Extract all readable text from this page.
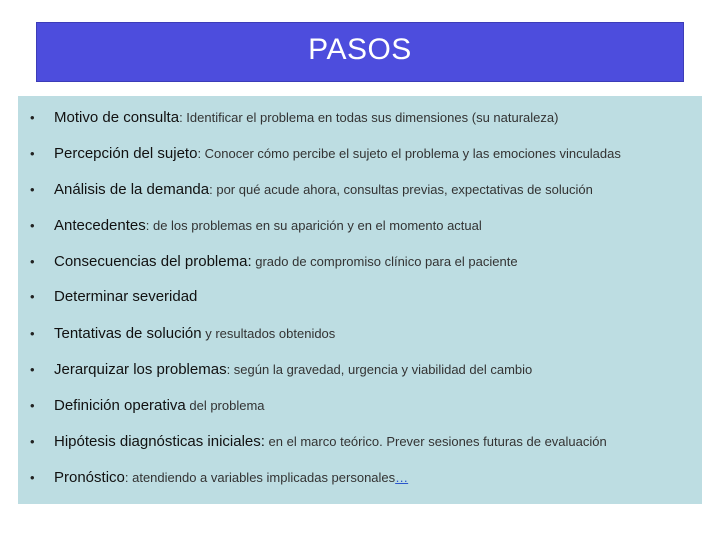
PASOS
•	Motivo de consulta: Identificar el problema en todas sus dimensiones (su naturaleza)
•	Percepción del sujeto: Conocer cómo percibe el sujeto el problema y las emociones vinculadas
•	Análisis de la demanda: por qué acude ahora, consultas previas, expectativas de solución
•	Antecedentes: de los problemas en su aparición y en el momento actual
•	Consecuencias del problema: grado de compromiso clínico para el paciente
•	Determinar severidad
•	Tentativas de solución y resultados obtenidos
•	Jerarquizar los problemas: según la gravedad, urgencia y viabilidad del cambio
•	Definición operativa del problema
•	Hipótesis diagnósticas iniciales: en el marco teórico. Prever sesiones futuras de evaluación
•	Pronóstico: atendiendo a variables implicadas personales…
